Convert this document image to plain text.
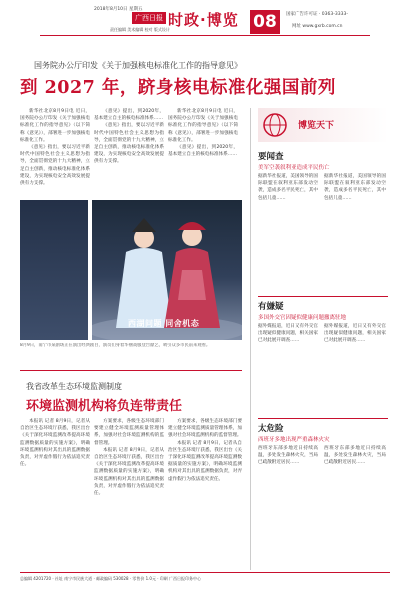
2018年8月10日 星期五
广西日报 时政·博览 08
责任编辑 美术编辑 校对 版式设计
国家广告许可证 · 0363-3333-
网址 www.gxrb.com.cn
国务院办公厅印发《关于加强核电标准化工作的指导意见》
到 2027 年，跻身核电标准化强国前列

新华社北京8月9日电 近日，国务院办公厅印发《关于加强核电标准化工作的指导意见》（以下简称《意见》），部署进一步加强核电标准化工作。

《意见》指出，要以习近平新时代中国特色社会主义思想为指导，全面贯彻党的十九大精神，立足自主创新，推动核电标准化体系建设，为实现核电安全高效发展提供有力支撑。

《意见》提出，到2020年，基本建立自主的核电标准体系……

《意见》指出，要以习近平新时代中国特色社会主义思想为指导，全面贯彻党的十九大精神，立足自主创新，推动核电标准化体系建设，为实现核电安全高效发展提供有力支撑。

新华社北京8月9日电 近日，国务院办公厅印发《关于加强核电标准化工作的指导意见》（以下简称《意见》），部署进一步加强核电标准化工作。

《意见》提出，到2020年，基本建立自主的核电标准体系……

西湖问题 同舍机态
8月9日，南宁市某剧场正在演出经典剧目，演员们身着华丽戏服登台献艺，吸引众多市民前来观看。
我省改革生态环境监测制度
环境监测机构将负连带责任

本报讯 记者 8月9日，记者从自治区生态环境厅获悉，我区出台《关于深化环境监测改革提高环境监测数据质量的实施方案》，明确环境监测机构对其出具的监测数据负责，对弄虚作假行为依法追究责任。

方案要求，各级生态环境部门要建立健全环境监测质量管理体系，加强对社会环境监测机构的监督管理。

本报讯 记者 8月9日，记者从自治区生态环境厅获悉，我区出台《关于深化环境监测改革提高环境监测数据质量的实施方案》，明确环境监测机构对其出具的监测数据负责，对弄虚作假行为依法追究责任。

方案要求，各级生态环境部门要建立健全环境监测质量管理体系，加强对社会环境监测机构的监督管理。

本报讯 记者 8月9日，记者从自治区生态环境厅获悉，我区出台《关于深化环境监测改革提高环境监测数据质量的实施方案》，明确环境监测机构对其出具的监测数据负责，对弄虚作假行为依法追究责任。

博览天下
要闻查
美军空袭叙利亚造成平民伤亡
据新华社报道，美国领导的国际联盟在叙利亚东部发动空袭，造成多名平民死亡，其中包括儿童……
据新华社报道，美国领导的国际联盟在叙利亚东部发动空袭，造成多名平民死亡，其中包括儿童……
有嫌疑
多国外交官因疑似健康问题撤离驻地
据外媒报道，近日又有外交官出现疑似健康问题，相关国家已对此展开调查……
据外媒报道，近日又有外交官出现疑似健康问题，相关国家已对此展开调查……
太危险
西班牙多地出现严重森林火灾
西班牙东部多地近日持续高温，多处发生森林火灾，当局已疏散附近居民……
西班牙东部多地近日持续高温，多处发生森林火灾，当局已疏散附近居民……
总编辑 4201720 · 社址 南宁市民族大道 · 邮政编码 530028 · 零售价 1.0元 · 印刷 广西日报印务中心
